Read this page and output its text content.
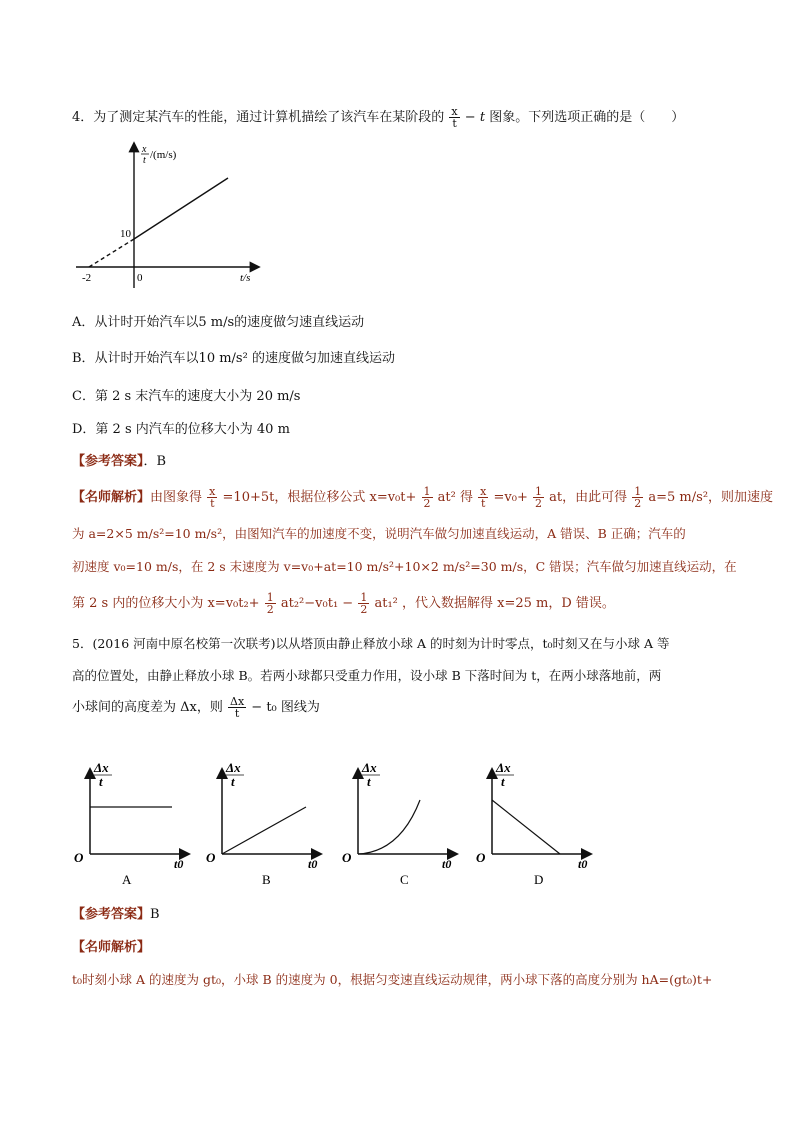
4．为了测定某汽车的性能，通过计算机描绘了该汽车在某阶段的 $\frac{x}{t} - t$ 图象。下列选项正确的是（　　）
x
t /(m/s)
10
0
-2	t/s
A．从计时开始汽车以5 m/s的速度做匀速直线运动
B．从计时开始汽车以10 m/s² 的速度做匀加速直线运动
C．第 2 s 末汽车的速度大小为 20 m/s
D．第 2 s 内汽车的位移大小为 40 m
【参考答案】．B
【名师解析】由图象得 $\frac{x}{t} =10+5t$，根据位移公式 $x=v_0t+ \frac{1}{2} at^2$ 得 $\frac{x}{t} =v_0+ \frac{1}{2}$ at，由此可得 $\frac{1}{2} a=5$ m/s²，则加速度
为 a=2×5 m/s²=10 m/s²，由图知汽车的加速度不变，说明汽车做匀加速直线运动，A 错误、B 正确；汽车的
初速度 v₀=10 m/s，在 2 s 末速度为 v=v₀+at=10 m/s²+10×2 m/s²=30 m/s，C 错误；汽车做匀加速直线运动，在
第 2 s 内的位移大小为 $x=v_0t_2+ \frac{1}{2} at_2^2-v_0t_1 - \frac{1}{2} at_1^2$ ，代入数据解得 x=25 m，D 错误。
5．(2016 河南中原名校第一次联考)以从塔顶由静止释放小球 A 的时刻为计时零点，t₀时刻又在与小球 A 等
高的位置处，由静止释放小球 B。若两小球都只受重力作用，设小球 B 下落时间为 t，在两小球落地前，两
小球间的高度差为 Δx，则 $\frac{\Delta x}{t} - t_0$ 图线为
Δx
t
O	t0
A
Δx
t
O	t0
B
Δx
t
O	t0
C
Δx
t
O	t0
D
【参考答案】B
【名师解析】
t₀时刻小球 A 的速度为 gt₀，小球 B 的速度为 0，根据匀变速直线运动规律，两小球下落的高度分别为 hA=(gt₀)t+
